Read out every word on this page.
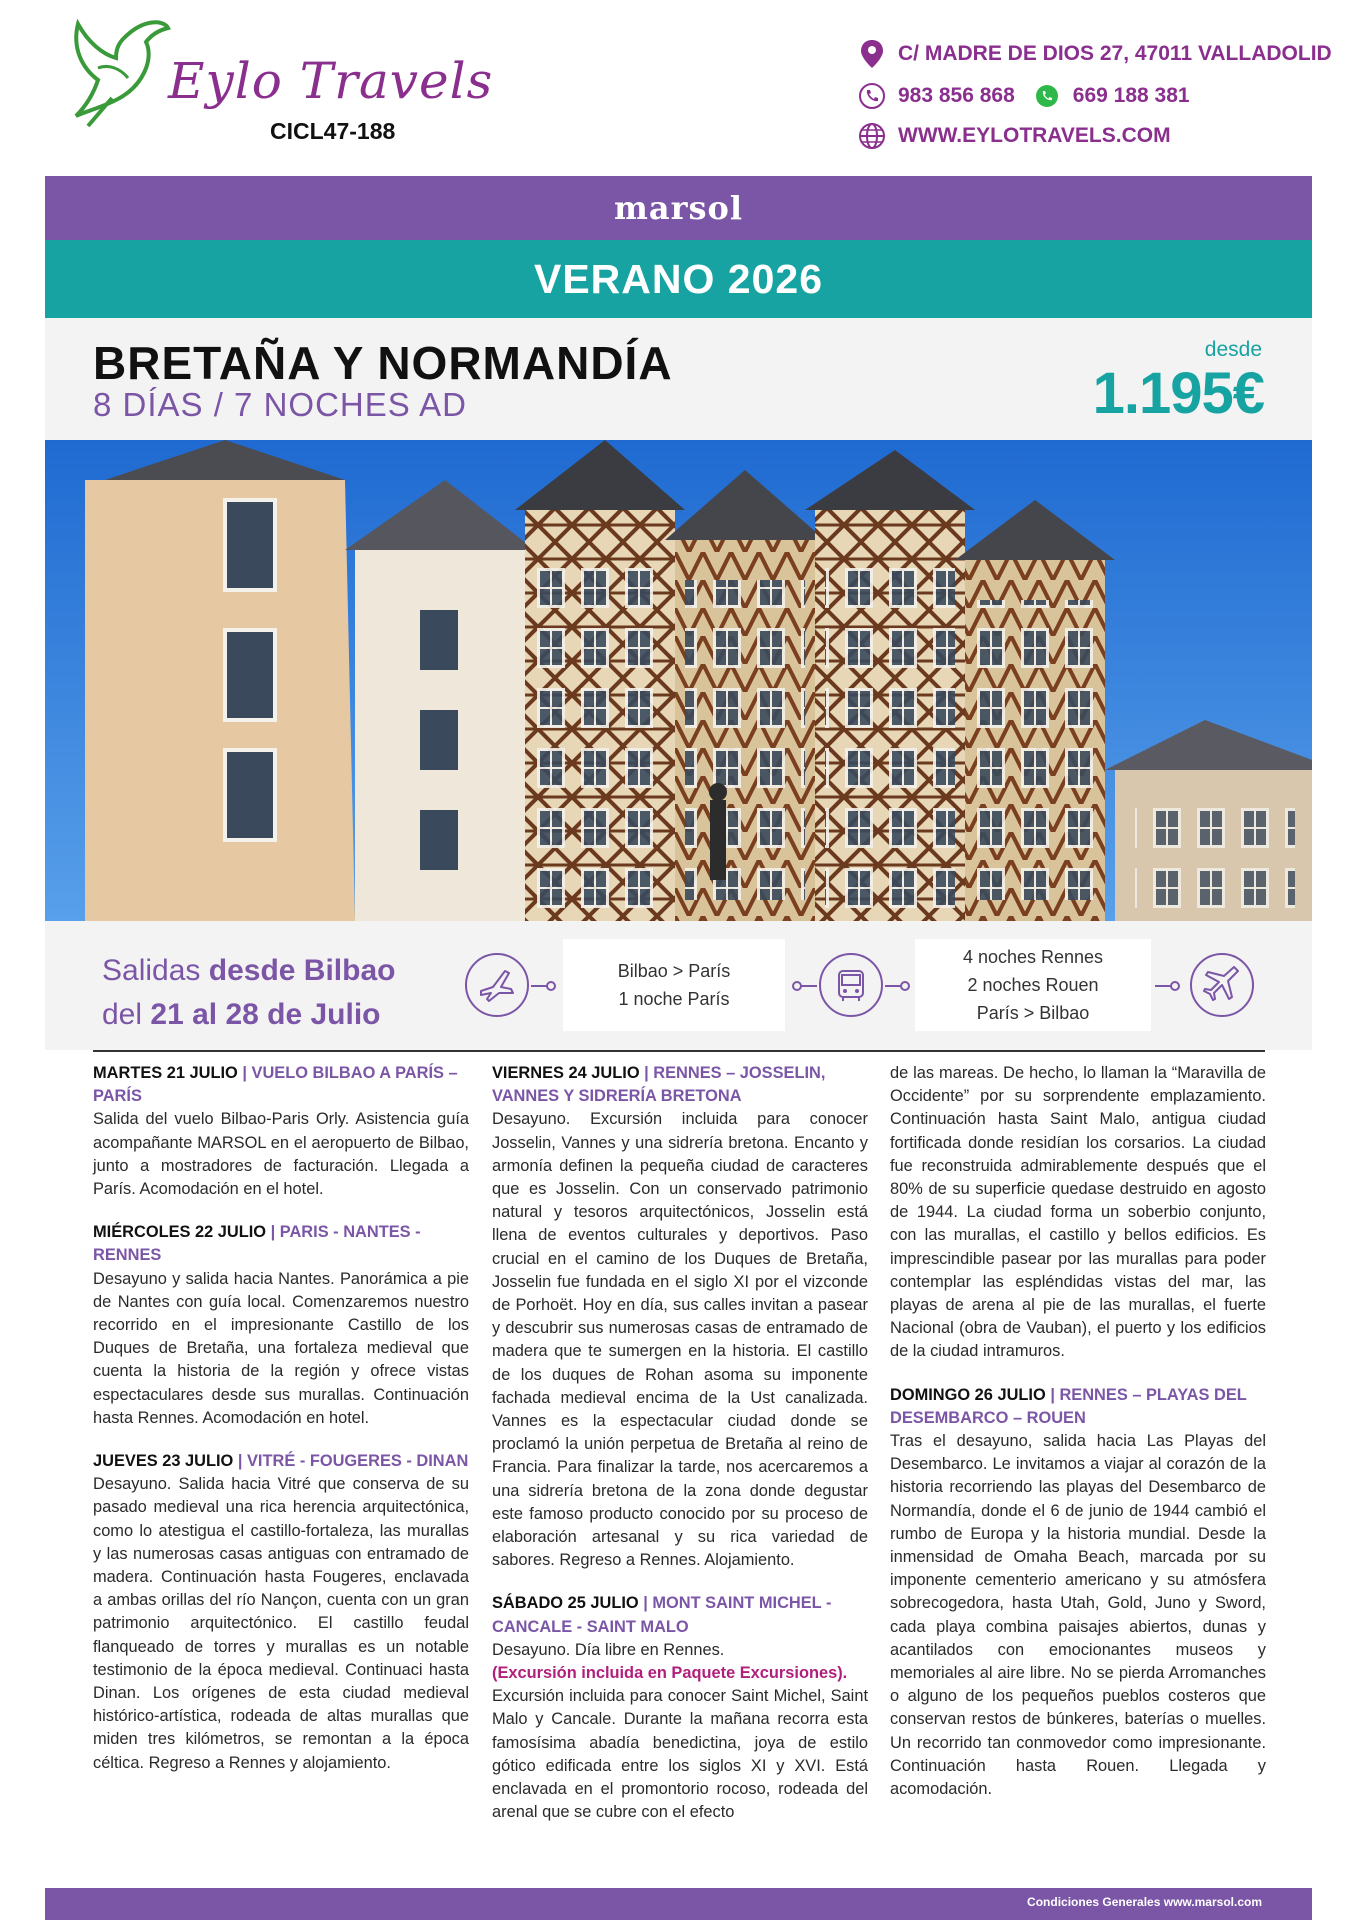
Eylo Travels
CICL47-188
C/ MADRE DE DIOS 27, 47011 VALLADOLID
983 856 868	669 188 381
WWW.EYLOTRAVELS.COM
marsol
VERANO 2026
BRETAÑA Y NORMANDÍA
8 DÍAS / 7 NOCHES AD
desde
1.195€
Salidas desde Bilbao
del 21 al 28 de Julio
Bilbao > París
1 noche París
4 noches Rennes
2 noches Rouen
París > Bilbao
MARTES 21 JULIO | VUELO BILBAO A PARÍS – PARÍS

Salida del vuelo Bilbao-Paris Orly. Asistencia guía acompañante MARSOL en el aeropuerto de Bilbao, junto a mostradores de facturación. Llegada a París. Acomodación en el hotel.

MIÉRCOLES 22 JULIO | PARIS - NANTES - RENNES

Desayuno y salida hacia Nantes. Panorámica a pie de Nantes con guía local. Comenzaremos nuestro recorrido en el impresionante Castillo de los Duques de Bretaña, una fortaleza medieval que cuenta la historia de la región y ofrece vistas espectaculares desde sus murallas. Continuación hasta Rennes. Acomodación en hotel.

JUEVES 23 JULIO | VITRÉ - FOUGERES - DINAN

Desayuno. Salida hacia Vitré que conserva de su pasado medieval una rica herencia arquitectónica, como lo atestigua el castillo-fortaleza, las murallas y las numerosas casas antiguas con entramado de madera. Continuación hasta Fougeres, enclavada a ambas orillas del río Nançon, cuenta con un gran patrimonio arquitectónico. El castillo feudal flanqueado de torres y murallas es un notable testimonio de la época medieval. Continuaci hasta Dinan. Los orígenes de esta ciudad medieval histórico-artística, rodeada de altas murallas que miden tres kilómetros, se remontan a la época céltica. Regreso a Rennes y alojamiento.

VIERNES 24 JULIO | RENNES – JOSSELIN, VANNES Y SIDRERÍA BRETONA

Desayuno. Excursión incluida para conocer Josselin, Vannes y una sidrería bretona. Encanto y armonía definen la pequeña ciudad de caracteres que es Josselin. Con un conservado patrimonio natural y tesoros arquitectónicos, Josselin está llena de eventos culturales y deportivos. Paso crucial en el camino de los Duques de Bretaña, Josselin fue fundada en el siglo XI por el vizconde de Porhoët. Hoy en día, sus calles invitan a pasear y descubrir sus numerosas casas de entramado de madera que te sumergen en la historia. El castillo de los duques de Rohan asoma su imponente fachada medieval encima de la Ust canalizada. Vannes es la espectacular ciudad donde se proclamó la unión perpetua de Bretaña al reino de Francia. Para finalizar la tarde, nos acercaremos a una sidrería bretona de la zona donde degustar este famoso producto conocido por su proceso de elaboración artesanal y su rica variedad de sabores. Regreso a Rennes. Alojamiento.

SÁBADO 25 JULIO | MONT SAINT MICHEL - CANCALE - SAINT MALO

Desayuno. Día libre en Rennes.

(Excursión incluida en Paquete Excursiones).

Excursión incluida para conocer Saint Michel, Saint Malo y Cancale. Durante la mañana recorra esta famosísima abadía benedictina, joya de estilo gótico edificada entre los siglos XI y XVI. Está enclavada en el promontorio rocoso, rodeada del arenal que se cubre con el efecto

de las mareas. De hecho, lo llaman la “Maravilla de Occidente” por su sorprendente emplazamiento. Continuación hasta Saint Malo, antigua ciudad fortificada donde residían los corsarios. La ciudad fue reconstruida admirablemente después que el 80% de su superficie quedase destruido en agosto de 1944. La ciudad forma un soberbio conjunto, con las murallas, el castillo y bellos edificios. Es imprescindible pasear por las murallas para poder contemplar las espléndidas vistas del mar, las playas de arena al pie de las murallas, el fuerte Nacional (obra de Vauban), el puerto y los edificios de la ciudad intramuros.

DOMINGO 26 JULIO | RENNES – PLAYAS DEL DESEMBARCO – ROUEN

Tras el desayuno, salida hacia Las Playas del Desembarco. Le invitamos a viajar al corazón de la historia recorriendo las playas del Desembarco de Normandía, donde el 6 de junio de 1944 cambió el rumbo de Europa y la historia mundial. Desde la inmensidad de Omaha Beach, marcada por su imponente cementerio americano y su atmósfera sobrecogedora, hasta Utah, Gold, Juno y Sword, cada playa combina paisajes abiertos, dunas y acantilados con emocionantes museos y memoriales al aire libre. No se pierda Arromanches o alguno de los pequeños pueblos costeros que conservan restos de búnkeres, baterías o muelles. Un recorrido tan conmovedor como impresionante. Continuación hasta Rouen. Llegada y acomodación.

Condiciones Generales www.marsol.com
